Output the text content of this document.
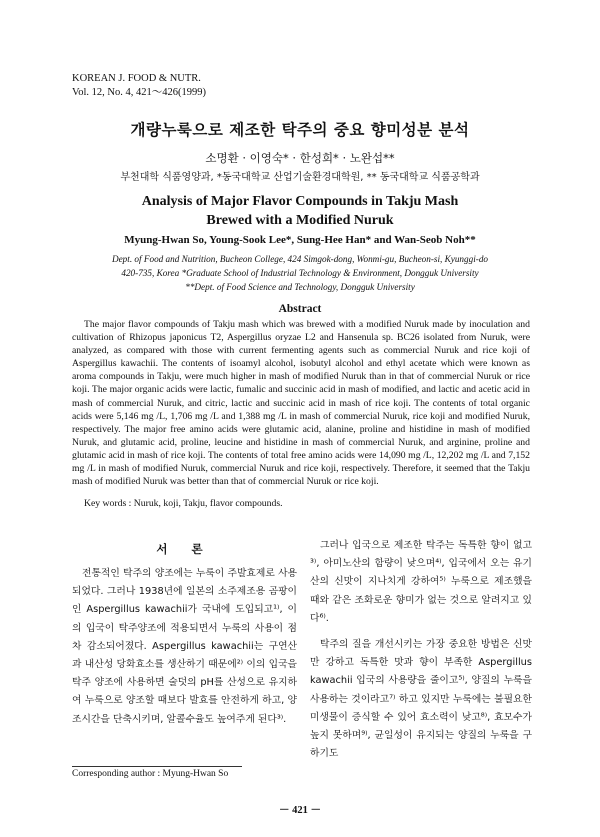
KOREAN J. FOOD & NUTR.
Vol. 12, No. 4, 421～426(1999)
개량누룩으로 제조한 탁주의 중요 향미성분 분석
소명환 · 이영숙* · 한성희* · 노완섭**
부천대학 식품영양과, *동국대학교 산업기술환경대학원, ** 동국대학교 식품공학과
Analysis of Major Flavor Compounds in Takju Mash
Brewed with a Modified Nuruk
Myung-Hwan So, Young-Sook Lee*, Sung-Hee Han* and Wan-Seob Noh**
Dept. of Food and Nutrition, Bucheon College, 424 Simgok-dong, Wonmi-gu, Bucheon-si, Kyunggi-do
420-735, Korea *Graduate School of Industrial Technology & Environment, Dongguk University
**Dept. of Food Science and Technology, Dongguk University
Abstract
The major flavor compounds of Takju mash which was brewed with a modified Nuruk made by inoculation and cultivation of Rhizopus japonicus T2, Aspergillus oryzae L2 and Hansenula sp. BC26 isolated from Nuruk, were analyzed, as compared with those with current fermenting agents such as commercial Nuruk and rice koji of Aspergillus kawachii. The contents of isoamyl alcohol, isobutyl alcohol and ethyl acetate which were known as aroma compounds in Takju, were much higher in mash of modified Nuruk than in that of commercial Nuruk or rice koji. The major organic acids were lactic, fumalic and succinic acid in mash of modified, and lactic and acetic acid in mash of commercial Nuruk, and citric, lactic and succinic acid in mash of rice koji. The contents of total organic acids were 5,146 mg /L, 1,706 mg /L and 1,388 mg /L in mash of commercial Nuruk, rice koji and modified Nuruk, respectively. The major free amino acids were glutamic acid, alanine, proline and histidine in mash of modified Nuruk, and glutamic acid, proline, leucine and histidine in mash of commercial Nuruk, and arginine, proline and glutamic acid in mash of rice koji. The contents of total free amino acids were 14,090 mg /L, 12,202 mg /L and 7,152 mg /L in mash of modified Nuruk, commercial Nuruk and rice koji, respectively. Therefore, it seemed that the Takju mash of modified Nuruk was better than that of commercial Nuruk or rice koji.
Key words : Nuruk, koji, Takju, flavor compounds.
서 론

전통적인 탁주의 양조에는 누룩이 주발효제로 사용되었다. 그러나 1938년에 일본의 소주제조용 곰팡이인 Aspergillus kawachii가 국내에 도입되고¹⁾, 이의 입국이 탁주양조에 적용되면서 누룩의 사용이 점차 감소되어졌다. Aspergillus kawachii는 구연산과 내산성 당화효소를 생산하기 때문에²⁾ 이의 입국을 탁주 양조에 사용하면 술덧의 pH를 산성으로 유지하여 누룩으로 양조할 때보다 발효를 안전하게 하고, 양조시간을 단축시키며, 알콜수율도 높여주게 된다³⁾.

그러나 입국으로 제조한 탁주는 독특한 향이 없고³⁾, 아미노산의 함량이 낮으며⁴⁾, 입국에서 오는 유기산의 신맛이 지나치게 강하여⁵⁾ 누룩으로 제조했을 때와 같은 조화로운 향미가 없는 것으로 알려지고 있다⁶⁾.

탁주의 질을 개선시키는 가장 중요한 방법은 신맛만 강하고 독특한 맛과 향이 부족한 Aspergillus kawachii 입국의 사용량을 줄이고⁵⁾, 양질의 누룩을 사용하는 것이라고⁷⁾ 하고 있지만 누룩에는 불필요한 미생물이 증식할 수 있어 효소력이 낮고⁸⁾, 효모수가 높지 못하며⁹⁾, 균일성이 유지되는 양질의 누룩을 구하기도

Corresponding author : Myung-Hwan So
－ 421 －
